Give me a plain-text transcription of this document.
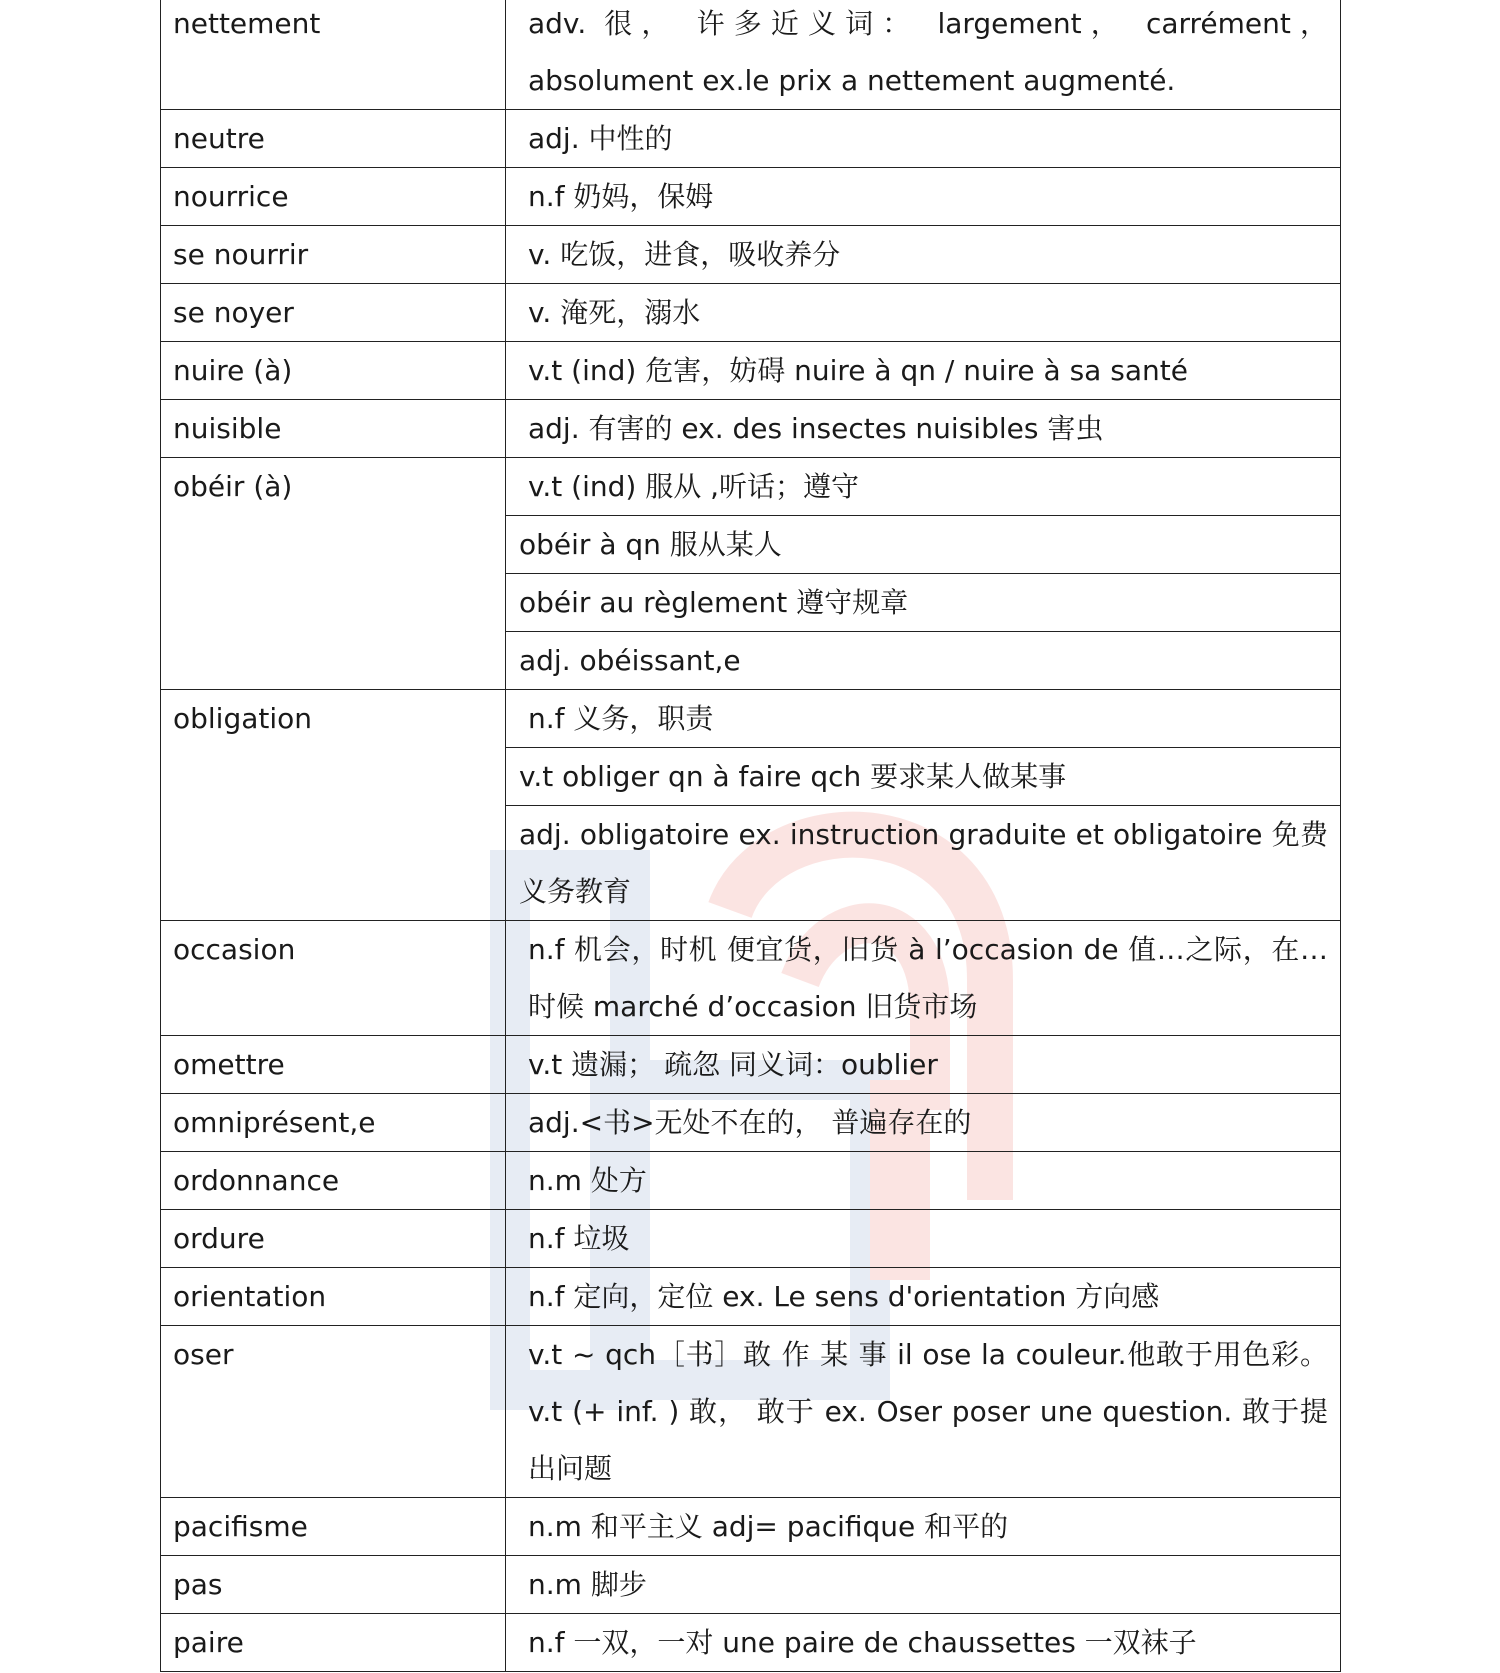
nettement	adv. 很， 许多近义词： largement， carrément， absolument ex.le prix a nettement augmenté.
neutre	adj. 中性的
nourrice	n.f 奶妈，保姆
se nourrir	v. 吃饭，进食，吸收养分
se noyer	v. 淹死，溺水
nuire (à)	v.t (ind) 危害，妨碍 nuire à qn / nuire à sa santé
nuisible	adj. 有害的 ex. des insectes nuisibles 害虫
obéir (à)	v.t (ind) 服从 ,听话；遵守
	obéir à qn 服从某人
	obéir au règlement 遵守规章
	adj. obéissant,e
obligation	n.f 义务，职责
	v.t obliger qn à faire qch 要求某人做某事
	adj. obligatoire ex. instruction graduite et obligatoire 免费义务教育
occasion	n.f 机会，时机 便宜货，旧货 à l’occasion de 值…之际，在…时候 marché d’occasion 旧货市场
omettre	v.t 遗漏； 疏忽 同义词：oublier
omniprésent,e	adj.<书>无处不在的， 普遍存在的
ordonnance	n.m 处方
ordure	n.f 垃圾
orientation	n.f 定向，定位 ex. Le sens d'orientation 方向感
oser	v.t ~ qch［书］敢 作 某 事 il ose la couleur.他敢于用色彩。v.t (+ inf. ) 敢， 敢于 ex. Oser poser une question. 敢于提出问题
pacifisme	n.m 和平主义 adj= pacifique 和平的
pas	n.m 脚步
paire	n.f 一双，一对 une paire de chaussettes 一双袜子
